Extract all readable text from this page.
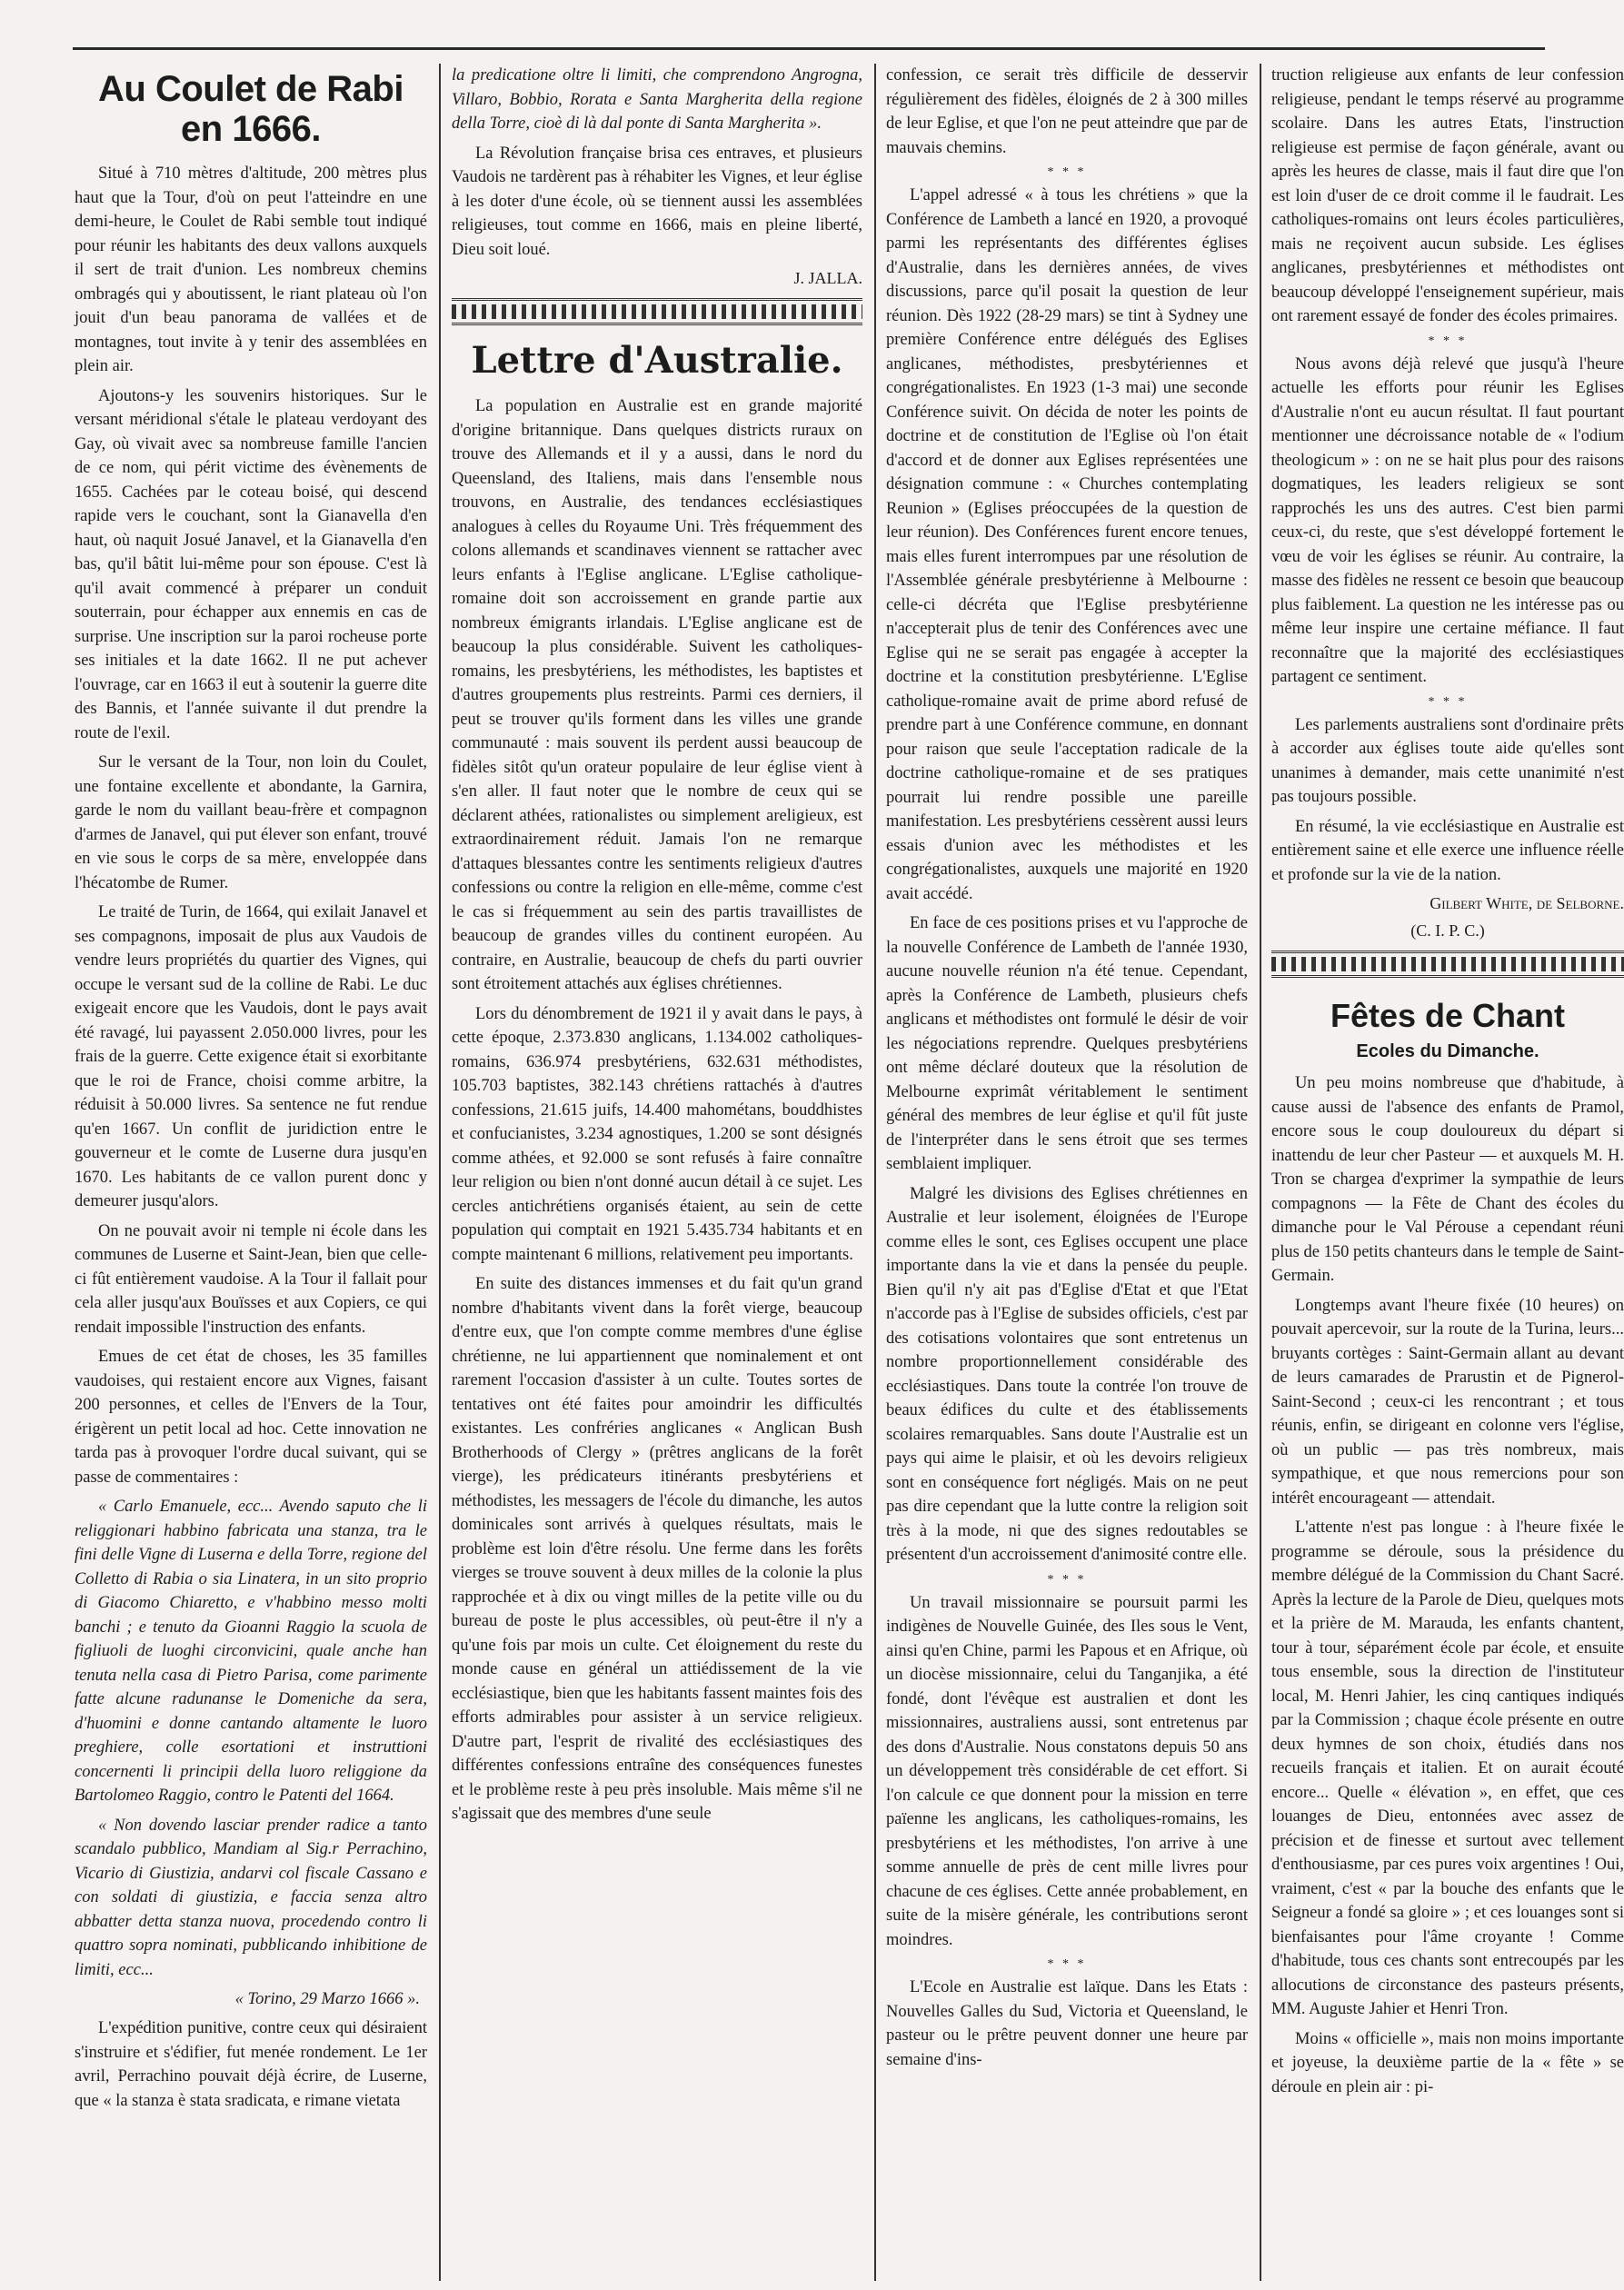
Au Coulet de Rabi en 1666.

Situé à 710 mètres d'altitude, 200 mètres plus haut que la Tour, d'où on peut l'atteindre en une demi-heure, le Coulet de Rabi semble tout indiqué pour réunir les habitants des deux vallons auxquels il sert de trait d'union. Les nombreux chemins ombragés qui y aboutissent, le riant plateau où l'on jouit d'un beau panorama de vallées et de montagnes, tout invite à y tenir des assemblées en plein air.

Ajoutons-y les souvenirs historiques. Sur le versant méridional s'étale le plateau verdoyant des Gay, où vivait avec sa nombreuse famille l'ancien de ce nom, qui périt victime des évènements de 1655. Cachées par le coteau boisé, qui descend rapide vers le couchant, sont la Gianavella d'en haut, où naquit Josué Janavel, et la Gianavella d'en bas, qu'il bâtit lui-même pour son épouse. C'est là qu'il avait commencé à préparer un conduit souterrain, pour échapper aux ennemis en cas de surprise. Une inscription sur la paroi rocheuse porte ses initiales et la date 1662. Il ne put achever l'ouvrage, car en 1663 il eut à soutenir la guerre dite des Bannis, et l'année suivante il dut prendre la route de l'exil.

Sur le versant de la Tour, non loin du Coulet, une fontaine excellente et abondante, la Garnira, garde le nom du vaillant beau-frère et compagnon d'armes de Janavel, qui put élever son enfant, trouvé en vie sous le corps de sa mère, enveloppée dans l'hécatombe de Rumer.

Le traité de Turin, de 1664, qui exilait Janavel et ses compagnons, imposait de plus aux Vaudois de vendre leurs propriétés du quartier des Vignes, qui occupe le versant sud de la colline de Rabi. Le duc exigeait encore que les Vaudois, dont le pays avait été ravagé, lui payassent 2.050.000 livres, pour les frais de la guerre. Cette exigence était si exorbitante que le roi de France, choisi comme arbitre, la réduisit à 50.000 livres. Sa sentence ne fut rendue qu'en 1667. Un conflit de juridiction entre le gouverneur et le comte de Luserne dura jusqu'en 1670. Les habitants de ce vallon purent donc y demeurer jusqu'alors.

On ne pouvait avoir ni temple ni école dans les communes de Luserne et Saint-Jean, bien que celle-ci fût entièrement vaudoise. A la Tour il fallait pour cela aller jusqu'aux Bouïsses et aux Copiers, ce qui rendait impossible l'instruction des enfants.

Emues de cet état de choses, les 35 familles vaudoises, qui restaient encore aux Vignes, faisant 200 personnes, et celles de l'Envers de la Tour, érigèrent un petit local ad hoc. Cette innovation ne tarda pas à provoquer l'ordre ducal suivant, qui se passe de commentaires :

« Carlo Emanuele, ecc... Avendo saputo che li religgionari habbino fabricata una stanza, tra le fini delle Vigne di Luserna e della Torre, regione del Colletto di Rabia o sia Linatera, in un sito proprio di Giacomo Chiaretto, e v'habbino messo molti banchi ; e tenuto da Gioanni Raggio la scuola de figliuoli de luoghi circonvicini, quale anche han tenuta nella casa di Pietro Parisa, come parimente fatte alcune radunanse le Domeniche da sera, d'huomini e donne cantando altamente le luoro preghiere, colle esortationi et instruttioni concernenti li principii della luoro religgione da Bartolomeo Raggio, contro le Patenti del 1664.

« Non dovendo lasciar prender radice a tanto scandalo pubblico, Mandiam al Sig.r Perrachino, Vicario di Giustizia, andarvi col fiscale Cassano e con soldati di giustizia, e faccia senza altro abbatter detta stanza nuova, procedendo contro li quattro sopra nominati, pubblicando inhibitione de limiti, ecc...

« Torino, 29 Marzo 1666 ».

L'expédition punitive, contre ceux qui désiraient s'instruire et s'édifier, fut menée rondement. Le 1er avril, Perrachino pouvait déjà écrire, de Luserne, que « la stanza è stata sradicata, e rimane vietata

la predicatione oltre li limiti, che comprendono Angrogna, Villaro, Bobbio, Rorata e Santa Margherita della regione della Torre, cioè di là dal ponte di Santa Margherita ».

La Révolution française brisa ces entraves, et plusieurs Vaudois ne tardèrent pas à réhabiter les Vignes, et leur église à les doter d'une école, où se tiennent aussi les assemblées religieuses, tout comme en 1666, mais en pleine liberté, Dieu soit loué.

J. JALLA.
Lettre d'Australie.

La population en Australie est en grande majorité d'origine britannique. Dans quelques districts ruraux on trouve des Allemands et il y a aussi, dans le nord du Queensland, des Italiens, mais dans l'ensemble nous trouvons, en Australie, des tendances ecclésiastiques analogues à celles du Royaume Uni. Très fréquemment des colons allemands et scandinaves viennent se rattacher avec leurs enfants à l'Eglise anglicane. L'Eglise catholique-romaine doit son accroissement en grande partie aux nombreux émigrants irlandais. L'Eglise anglicane est de beaucoup la plus considérable. Suivent les catholiques-romains, les presbytériens, les méthodistes, les baptistes et d'autres groupements plus restreints. Parmi ces derniers, il peut se trouver qu'ils forment dans les villes une grande communauté : mais souvent ils perdent aussi beaucoup de fidèles sitôt qu'un orateur populaire de leur église vient à s'en aller. Il faut noter que le nombre de ceux qui se déclarent athées, rationalistes ou simplement areligieux, est extraordinairement réduit. Jamais l'on ne remarque d'attaques blessantes contre les sentiments religieux d'autres confessions ou contre la religion en elle-même, comme c'est le cas si fréquemment au sein des partis travaillistes de beaucoup de grandes villes du continent européen. Au contraire, en Australie, beaucoup de chefs du parti ouvrier sont étroitement attachés aux églises chrétiennes.

Lors du dénombrement de 1921 il y avait dans le pays, à cette époque, 2.373.830 anglicans, 1.134.002 catholiques-romains, 636.974 presbytériens, 632.631 méthodistes, 105.703 baptistes, 382.143 chrétiens rattachés à d'autres confessions, 21.615 juifs, 14.400 mahométans, bouddhistes et confucianistes, 3.234 agnostiques, 1.200 se sont désignés comme athées, et 92.000 se sont refusés à faire connaître leur religion ou bien n'ont donné aucun détail à ce sujet. Les cercles antichrétiens organisés étaient, au sein de cette population qui comptait en 1921 5.435.734 habitants et en compte maintenant 6 millions, relativement peu importants.

En suite des distances immenses et du fait qu'un grand nombre d'habitants vivent dans la forêt vierge, beaucoup d'entre eux, que l'on compte comme membres d'une église chrétienne, ne lui appartiennent que nominalement et ont rarement l'occasion d'assister à un culte. Toutes sortes de tentatives ont été faites pour amoindrir les difficultés existantes. Les confréries anglicanes « Anglican Bush Brotherhoods of Clergy » (prêtres anglicans de la forêt vierge), les prédicateurs itinérants presbytériens et méthodistes, les messagers de l'école du dimanche, les autos dominicales sont arrivés à quelques résultats, mais le problème est loin d'être résolu. Une ferme dans les forêts vierges se trouve souvent à deux milles de la colonie la plus rapprochée et à dix ou vingt milles de la petite ville ou du bureau de poste le plus accessibles, où peut-être il n'y a qu'une fois par mois un culte. Cet éloignement du reste du monde cause en général un attiédissement de la vie ecclésiastique, bien que les habitants fassent maintes fois des efforts admirables pour assister à un service religieux. D'autre part, l'esprit de rivalité des ecclésiastiques des différentes confessions entraîne des conséquences funestes et le problème reste à peu près insoluble. Mais même s'il ne s'agissait que des membres d'une seule

confession, ce serait très difficile de desservir régulièrement des fidèles, éloignés de 2 à 300 milles de leur Eglise, et que l'on ne peut atteindre que par de mauvais chemins.

* * *

L'appel adressé « à tous les chrétiens » que la Conférence de Lambeth a lancé en 1920, a provoqué parmi les représentants des différentes églises d'Australie, dans les dernières années, de vives discussions, parce qu'il posait la question de leur réunion. Dès 1922 (28-29 mars) se tint à Sydney une première Conférence entre délégués des Eglises anglicanes, méthodistes, presbytériennes et congrégationalistes. En 1923 (1-3 mai) une seconde Conférence suivit. On décida de noter les points de doctrine et de constitution de l'Eglise où l'on était d'accord et de donner aux Eglises représentées une désignation commune : « Churches contemplating Reunion » (Eglises préoccupées de la question de leur réunion). Des Conférences furent encore tenues, mais elles furent interrompues par une résolution de l'Assemblée générale presbytérienne à Melbourne : celle-ci décréta que l'Eglise presbytérienne n'accepterait plus de tenir des Conférences avec une Eglise qui ne se serait pas engagée à accepter la doctrine et la constitution presbytérienne. L'Eglise catholique-romaine avait de prime abord refusé de prendre part à une Conférence commune, en donnant pour raison que seule l'acceptation radicale de la doctrine catholique-romaine et de ses pratiques pourrait lui rendre possible une pareille manifestation. Les presbytériens cessèrent aussi leurs essais d'union avec les méthodistes et les congrégationalistes, auxquels une majorité en 1920 avait accédé.

En face de ces positions prises et vu l'approche de la nouvelle Conférence de Lambeth de l'année 1930, aucune nouvelle réunion n'a été tenue. Cependant, après la Conférence de Lambeth, plusieurs chefs anglicans et méthodistes ont formulé le désir de voir les négociations reprendre. Quelques presbytériens ont même déclaré douteux que la résolution de Melbourne exprimât véritablement le sentiment général des membres de leur église et qu'il fût juste de l'interpréter dans le sens étroit que ses termes semblaient impliquer.

Malgré les divisions des Eglises chrétiennes en Australie et leur isolement, éloignées de l'Europe comme elles le sont, ces Eglises occupent une place importante dans la vie et dans la pensée du peuple. Bien qu'il n'y ait pas d'Eglise d'Etat et que l'Etat n'accorde pas à l'Eglise de subsides officiels, c'est par des cotisations volontaires que sont entretenus un nombre proportionnellement considérable des ecclésiastiques. Dans toute la contrée l'on trouve de beaux édifices du culte et des établissements scolaires remarquables. Sans doute l'Australie est un pays qui aime le plaisir, et où les devoirs religieux sont en conséquence fort négligés. Mais on ne peut pas dire cependant que la lutte contre la religion soit très à la mode, ni que des signes redoutables se présentent d'un accroissement d'animosité contre elle.

* * *

Un travail missionnaire se poursuit parmi les indigènes de Nouvelle Guinée, des Iles sous le Vent, ainsi qu'en Chine, parmi les Papous et en Afrique, où un diocèse missionnaire, celui du Tanganjika, a été fondé, dont l'évêque est australien et dont les missionnaires, australiens aussi, sont entretenus par des dons d'Australie. Nous constatons depuis 50 ans un développement très considérable de cet effort. Si l'on calcule ce que donnent pour la mission en terre païenne les anglicans, les catholiques-romains, les presbytériens et les méthodistes, l'on arrive à une somme annuelle de près de cent mille livres pour chacune de ces églises. Cette année probablement, en suite de la misère générale, les contributions seront moindres.

* * *

L'Ecole en Australie est laïque. Dans les Etats : Nouvelles Galles du Sud, Victoria et Queensland, le pasteur ou le prêtre peuvent donner une heure par semaine d'ins-

truction religieuse aux enfants de leur confession religieuse, pendant le temps réservé au programme scolaire. Dans les autres Etats, l'instruction religieuse est permise de façon générale, avant ou après les heures de classe, mais il faut dire que l'on est loin d'user de ce droit comme il le faudrait. Les catholiques-romains ont leurs écoles particulières, mais ne reçoivent aucun subside. Les églises anglicanes, presbytériennes et méthodistes ont beaucoup développé l'enseignement supérieur, mais ont rarement essayé de fonder des écoles primaires.

* * *

Nous avons déjà relevé que jusqu'à l'heure actuelle les efforts pour réunir les Eglises d'Australie n'ont eu aucun résultat. Il faut pourtant mentionner une décroissance notable de « l'odium theologicum » : on ne se hait plus pour des raisons dogmatiques, les leaders religieux se sont rapprochés les uns des autres. C'est bien parmi ceux-ci, du reste, que s'est développé fortement le vœu de voir les églises se réunir. Au contraire, la masse des fidèles ne ressent ce besoin que beaucoup plus faiblement. La question ne les intéresse pas ou même leur inspire une certaine méfiance. Il faut reconnaître que la majorité des ecclésiastiques partagent ce sentiment.

* * *

Les parlements australiens sont d'ordinaire prêts à accorder aux églises toute aide qu'elles sont unanimes à demander, mais cette unanimité n'est pas toujours possible.

En résumé, la vie ecclésiastique en Australie est entièrement saine et elle exerce une influence réelle et profonde sur la vie de la nation.

Gilbert White, de Selborne.
(C. I. P. C.)
Fêtes de Chant
Ecoles du Dimanche.

Un peu moins nombreuse que d'habitude, à cause aussi de l'absence des enfants de Pramol, encore sous le coup douloureux du départ si inattendu de leur cher Pasteur — et auxquels M. H. Tron se chargea d'exprimer la sympathie de leurs compagnons — la Fête de Chant des écoles du dimanche pour le Val Pérouse a cependant réuni plus de 150 petits chanteurs dans le temple de Saint-Germain.

Longtemps avant l'heure fixée (10 heures) on pouvait apercevoir, sur la route de la Turina, leurs... bruyants cortèges : Saint-Germain allant au devant de leurs camarades de Prarustin et de Pignerol-Saint-Second ; ceux-ci les rencontrant ; et tous réunis, enfin, se dirigeant en colonne vers l'église, où un public — pas très nombreux, mais sympathique, et que nous remercions pour son intérêt encourageant — attendait.

L'attente n'est pas longue : à l'heure fixée le programme se déroule, sous la présidence du membre délégué de la Commission du Chant Sacré. Après la lecture de la Parole de Dieu, quelques mots et la prière de M. Marauda, les enfants chantent, tour à tour, séparément école par école, et ensuite tous ensemble, sous la direction de l'instituteur local, M. Henri Jahier, les cinq cantiques indiqués par la Commission ; chaque école présente en outre deux hymnes de son choix, étudiés dans nos recueils français et italien. Et on aurait écouté encore... Quelle « élévation », en effet, que ces louanges de Dieu, entonnées avec assez de précision et de finesse et surtout avec tellement d'enthousiasme, par ces pures voix argentines ! Oui, vraiment, c'est « par la bouche des enfants que le Seigneur a fondé sa gloire » ; et ces louanges sont si bienfaisantes pour l'âme croyante ! Comme d'habitude, tous ces chants sont entrecoupés par les allocutions de circonstance des pasteurs présents, MM. Auguste Jahier et Henri Tron.

Moins « officielle », mais non moins importante et joyeuse, la deuxième partie de la « fête » se déroule en plein air : pi-
